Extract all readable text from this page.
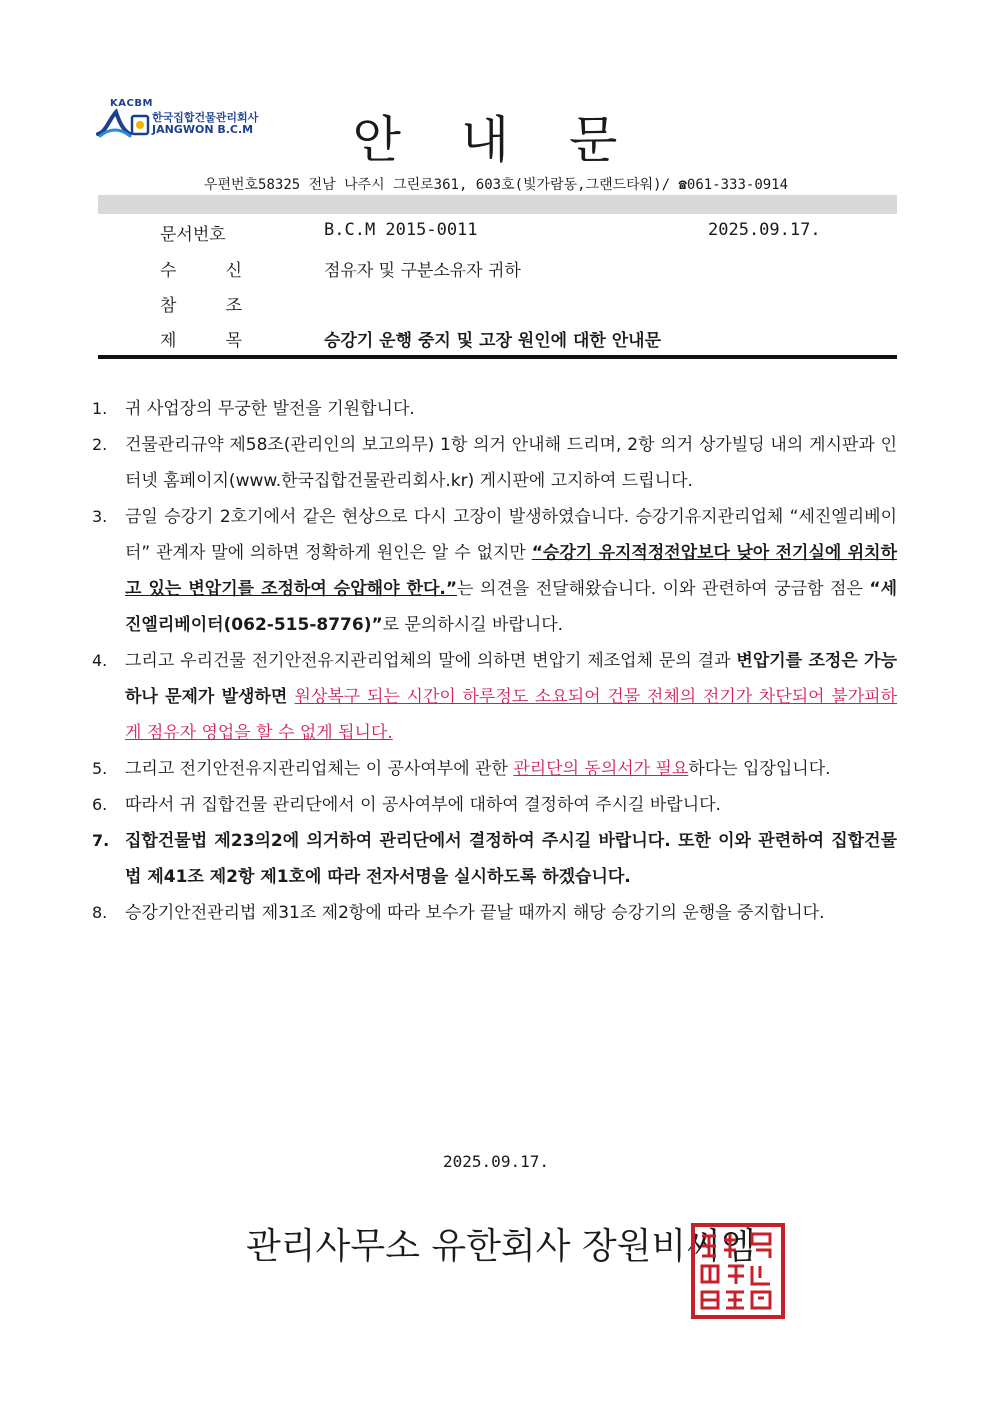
KACBM
한국집합건물관리회사
JANGWON B.C.M	안 내 문
우편번호58325 전남 나주시 그린로361, 603호(빛가람동,그랜드타워)/ ☎061-333-0914
문서번호	B.C.M 2015-0011	2025.09.17.
수	신	점유자 및 구분소유자 귀하
참	조
제	목	승강기 운행 중지 및 고장 원인에 대한 안내문
1. 귀 사업장의 무궁한 발전을 기원합니다.
2. 건물관리규약 제58조(관리인의 보고의무) 1항 의거 안내해 드리며, 2항 의거 상가빌딩 내의 게시판과 인터넷 홈페이지(www.한국집합건물관리회사.kr) 게시판에 고지하여 드립니다.
3. 금일 승강기 2호기에서 같은 현상으로 다시 고장이 발생하였습니다. 승강기유지관리업체 “세진엘리베이터” 관계자 말에 의하면 정확하게 원인은 알 수 없지만 “승강기 유지적정전압보다 낮아 전기실에 위치하고 있는 변압기를 조정하여 승압해야 한다.”는 의견을 전달해왔습니다. 이와 관련하여 궁금함 점은 “세진엘리베이터(062-515-8776)”로 문의하시길 바랍니다.
4. 그리고 우리건물 전기안전유지관리업체의 말에 의하면 변압기 제조업체 문의 결과 변압기를 조정은 가능하나 문제가 발생하면 원상복구 되는 시간이 하루정도 소요되어 건물 전체의 전기가 차단되어 불가피하게 점유자 영업을 할 수 없게 됩니다.
5. 그리고 전기안전유지관리업체는 이 공사여부에 관한 관리단의 동의서가 필요하다는 입장입니다.
6. 따라서 귀 집합건물 관리단에서 이 공사여부에 대하여 결정하여 주시길 바랍니다.
7. 집합건물법 제23의2에 의거하여 관리단에서 결정하여 주시길 바랍니다. 또한 이와 관련하여 집합건물법 제41조 제2항 제1호에 따라 전자서명을 실시하도록 하겠습니다.
8. 승강기안전관리법 제31조 제2항에 따라 보수가 끝날 때까지 해당 승강기의 운행을 중지합니다.
2025.09.17.
관리사무소 유한회사 장원비씨엠
